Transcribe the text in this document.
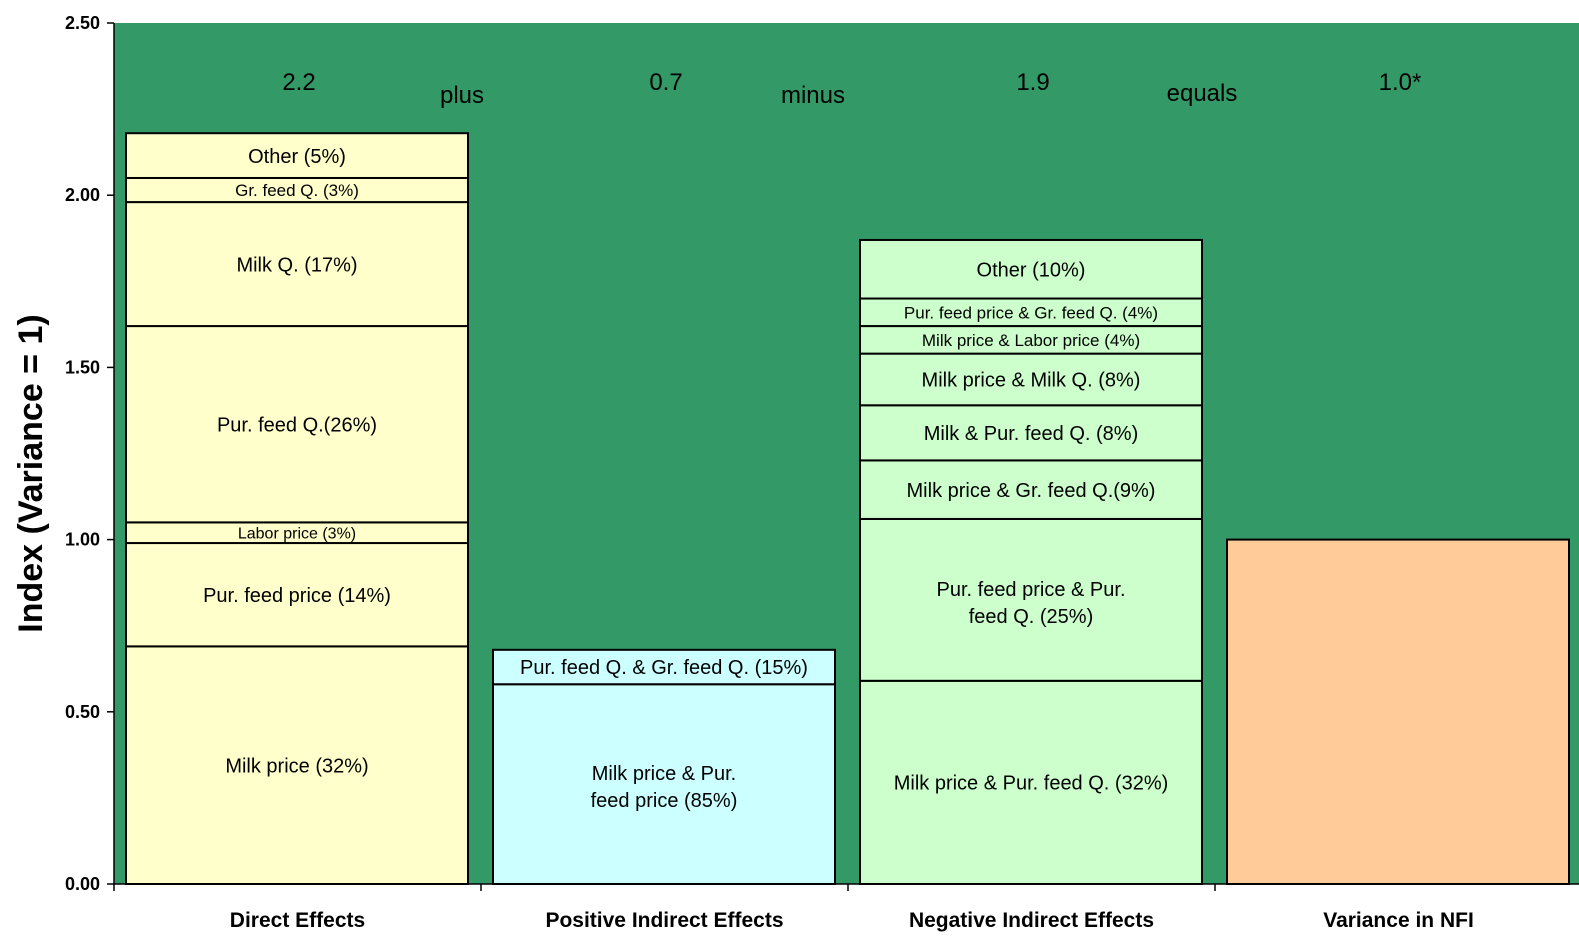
0.00
0.50
1.00
1.50
2.00
2.50
Index (Variance = 1)
Milk price (32%)
Pur. feed price (14%)
Labor price (3%)
Pur. feed Q.(26%)
Milk Q. (17%)
Gr. feed Q. (3%)
Other (5%)
2.2
Direct Effects
Milk price & Pur. feed price (85%)
Pur. feed Q. & Gr. feed Q. (15%)
0.7
Positive Indirect Effects
Milk price & Pur. feed Q. (32%)
Pur. feed price & Pur. feed Q. (25%)
Milk price & Gr. feed Q.(9%)
Milk & Pur. feed Q. (8%)
Milk price & Milk Q. (8%)
Milk price & Labor price (4%)
Pur. feed price & Gr. feed Q. (4%)
Other (10%)
1.9
Negative Indirect Effects
1.0*
Variance in NFI
plus	minus	equals
